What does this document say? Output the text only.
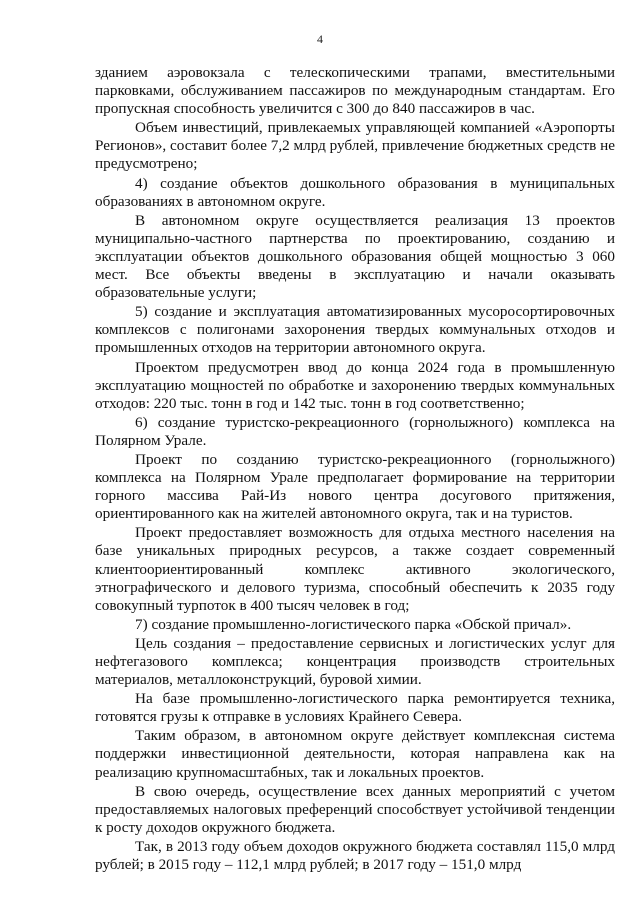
4

зданием аэровокзала с телескопическими трапами, вместительными парковками, обслуживанием пассажиров по международным стандартам. Его пропускная способность увеличится с 300 до 840 пассажиров в час.

Объем инвестиций, привлекаемых управляющей компанией «Аэропорты Регионов», составит более 7,2 млрд рублей, привлечение бюджетных средств не предусмотрено;

4) создание объектов дошкольного образования в муниципальных образованиях в автономном округе.

В автономном округе осуществляется реализация 13 проектов муниципально-частного партнерства по проектированию, созданию и эксплуатации объектов дошкольного образования общей мощностью 3 060 мест. Все объекты введены в эксплуатацию и начали оказывать образовательные услуги;

5) создание и эксплуатация автоматизированных мусоросортировочных комплексов с полигонами захоронения твердых коммунальных отходов и промышленных отходов на территории автономного округа.

Проектом предусмотрен ввод до конца 2024 года в промышленную эксплуатацию мощностей по обработке и захоронению твердых коммунальных отходов: 220 тыс. тонн в год и 142 тыс. тонн в год соответственно;

6) создание туристско-рекреационного (горнолыжного) комплекса на Полярном Урале.

Проект по созданию туристско-рекреационного (горнолыжного) комплекса на Полярном Урале предполагает формирование на территории горного массива Рай-Из нового центра досугового притяжения, ориентированного как на жителей автономного округа, так и на туристов.

Проект предоставляет возможность для отдыха местного населения на базе уникальных природных ресурсов, а также создает современный клиентоориентированный комплекс активного экологического, этнографического и делового туризма, способный обеспечить к 2035 году совокупный турпоток в 400 тысяч человек в год;

7) создание промышленно-логистического парка «Обской причал».

Цель создания – предоставление сервисных и логистических услуг для нефтегазового комплекса; концентрация производств строительных материалов, металлоконструкций, буровой химии.

На базе промышленно-логистического парка ремонтируется техника, готовятся грузы к отправке в условиях Крайнего Севера.

Таким образом, в автономном округе действует комплексная система поддержки инвестиционной деятельности, которая направлена как на реализацию крупномасштабных, так и локальных проектов.

В свою очередь, осуществление всех данных мероприятий с учетом предоставляемых налоговых преференций способствует устойчивой тенденции к росту доходов окружного бюджета.

Так, в 2013 году объем доходов окружного бюджета составлял 115,0 млрд рублей; в 2015 году – 112,1 млрд рублей; в 2017 году – 151,0 млрд
